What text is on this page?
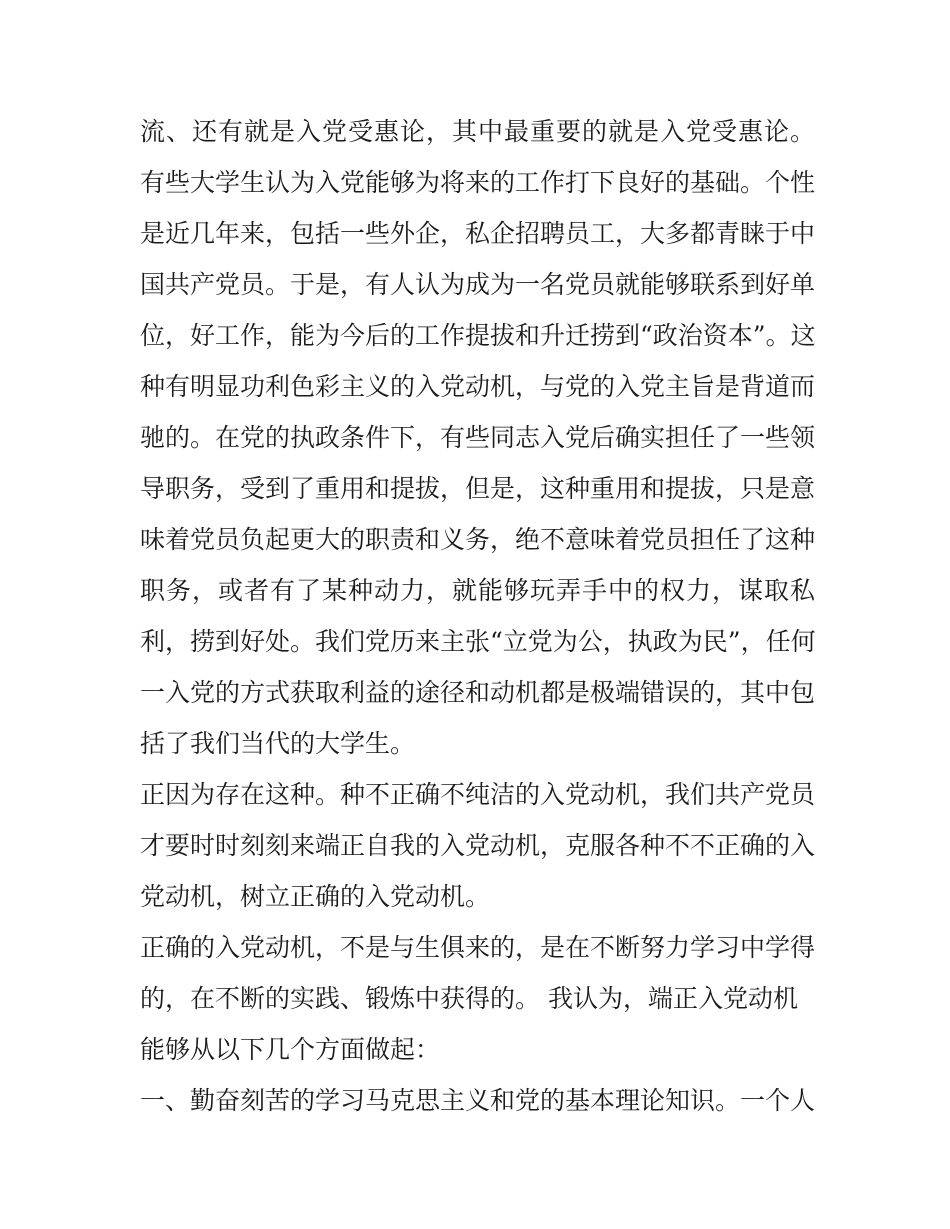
流、还有就是入党受惠论，其中最重要的就是入党受惠论。
有些大学生认为入党能够为将来的工作打下良好的基础。个性
是近几年来，包括一些外企，私企招聘员工，大多都青睐于中
国共产党员。于是，有人认为成为一名党员就能够联系到好单
位，好工作，能为今后的工作提拔和升迁捞到“政治资本”。这
种有明显功利色彩主义的入党动机，与党的入党主旨是背道而
驰的。在党的执政条件下，有些同志入党后确实担任了一些领
导职务，受到了重用和提拔，但是，这种重用和提拔，只是意
味着党员负起更大的职责和义务，绝不意味着党员担任了这种
职务，或者有了某种动力，就能够玩弄手中的权力，谋取私
利，捞到好处。我们党历来主张“立党为公，执政为民”，任何
一入党的方式获取利益的途径和动机都是极端错误的，其中包
括了我们当代的大学生。
正因为存在这种。种不正确不纯洁的入党动机，我们共产党员
才要时时刻刻来端正自我的入党动机，克服各种不不正确的入
党动机，树立正确的入党动机。
正确的入党动机，不是与生俱来的，是在不断努力学习中学得
的，在不断的实践、锻炼中获得的。 我认为，端正入党动机
能够从以下几个方面做起：
一、勤奋刻苦的学习马克思主义和党的基本理论知识。一个人
